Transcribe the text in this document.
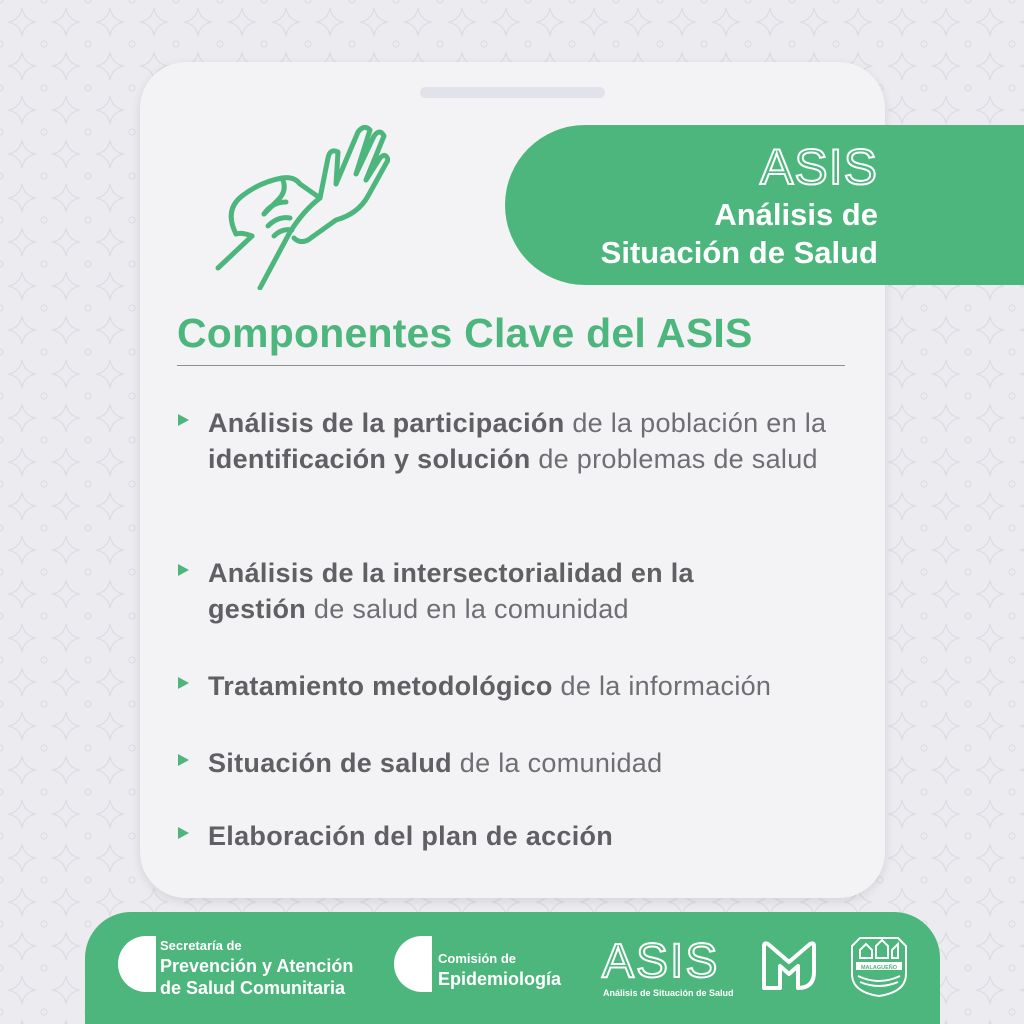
ASIS
Análisis de
Situación de Salud
Componentes Clave del ASIS
Análisis de la participación de la población en la identificación y solución de problemas de salud
Análisis de la intersectorialidad en la gestión de salud en la comunidad
Tratamiento metodológico de la información
Situación de salud de la comunidad
Elaboración del plan de acción
Secretaría de
Prevención y Atención
de Salud Comunitaria
Comisión de
Epidemiología ASIS
Análisis de Situación de Salud
MALAGUEÑO
